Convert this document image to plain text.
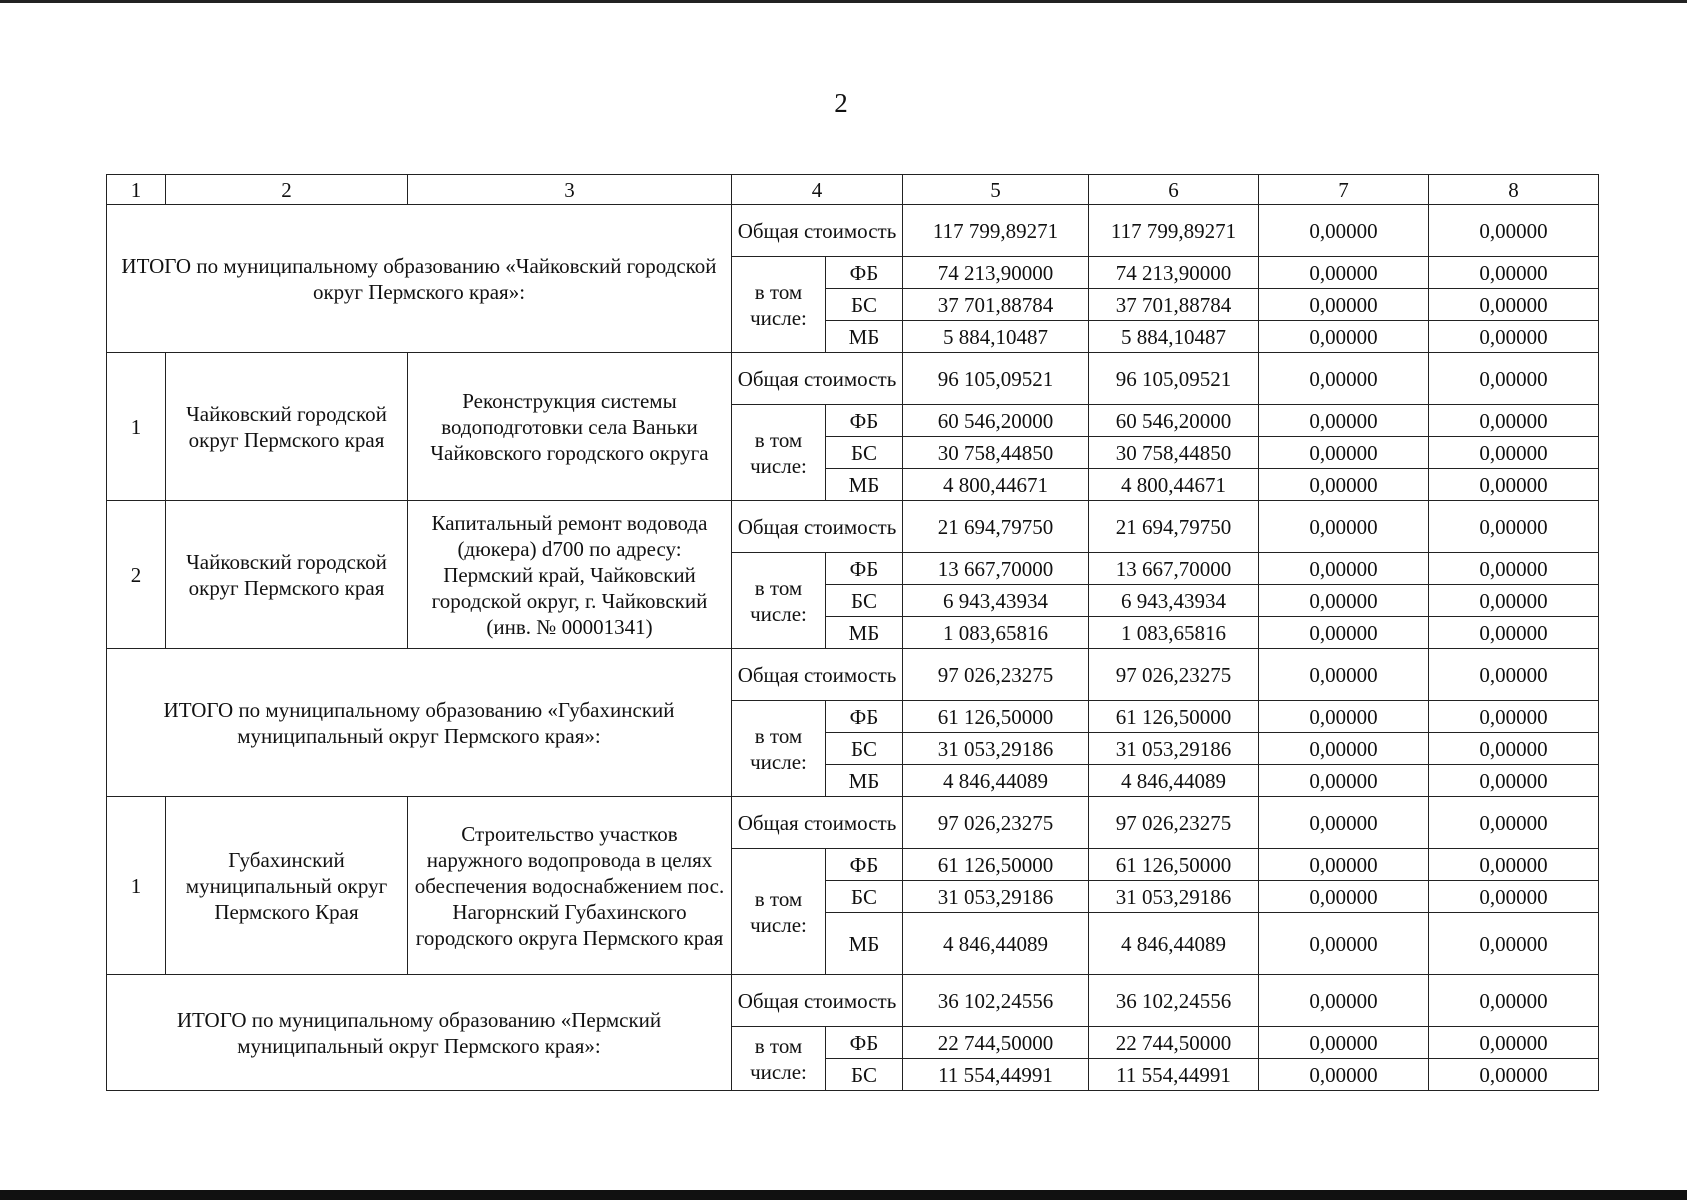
2
1	2	3	4		5	6	7	8
ИТОГО по муниципальному образованию «Чайковский городской округ Пермского края»:			Общая стоимость		117 799,89271	117 799,89271	0,00000	0,00000
			в том числе:	ФБ	74 213,90000	74 213,90000	0,00000	0,00000
				БС	37 701,88784	37 701,88784	0,00000	0,00000
				МБ	5 884,10487	5 884,10487	0,00000	0,00000
1	Чайковский городской округ Пермского края	Реконструкция системы водоподготовки села Ваньки Чайковского городского округа	Общая стоимость		96 105,09521	96 105,09521	0,00000	0,00000
			в том числе:	ФБ	60 546,20000	60 546,20000	0,00000	0,00000
				БС	30 758,44850	30 758,44850	0,00000	0,00000
				МБ	4 800,44671	4 800,44671	0,00000	0,00000
2	Чайковский городской округ Пермского края	Капитальный ремонт водовода (дюкера) d700 по адресу: Пермский край, Чайковский городской округ, г. Чайковский (инв. № 00001341)	Общая стоимость		21 694,79750	21 694,79750	0,00000	0,00000
			в том числе:	ФБ	13 667,70000	13 667,70000	0,00000	0,00000
				БС	6 943,43934	6 943,43934	0,00000	0,00000
				МБ	1 083,65816	1 083,65816	0,00000	0,00000
ИТОГО по муниципальному образованию «Губахинский муниципальный округ Пермского края»:			Общая стоимость		97 026,23275	97 026,23275	0,00000	0,00000
			в том числе:	ФБ	61 126,50000	61 126,50000	0,00000	0,00000
				БС	31 053,29186	31 053,29186	0,00000	0,00000
				МБ	4 846,44089	4 846,44089	0,00000	0,00000
1	Губахинский муниципальный округ Пермского Края	Строительство участков наружного водопровода в целях обеспечения водоснабжением пос. Нагорнский Губахинского городского округа Пермского края	Общая стоимость		97 026,23275	97 026,23275	0,00000	0,00000
			в том числе:	ФБ	61 126,50000	61 126,50000	0,00000	0,00000
				БС	31 053,29186	31 053,29186	0,00000	0,00000
				МБ	4 846,44089	4 846,44089	0,00000	0,00000
ИТОГО по муниципальному образованию «Пермский муниципальный округ Пермского края»:			Общая стоимость		36 102,24556	36 102,24556	0,00000	0,00000
			в том числе:	ФБ	22 744,50000	22 744,50000	0,00000	0,00000
				БС	11 554,44991	11 554,44991	0,00000	0,00000
